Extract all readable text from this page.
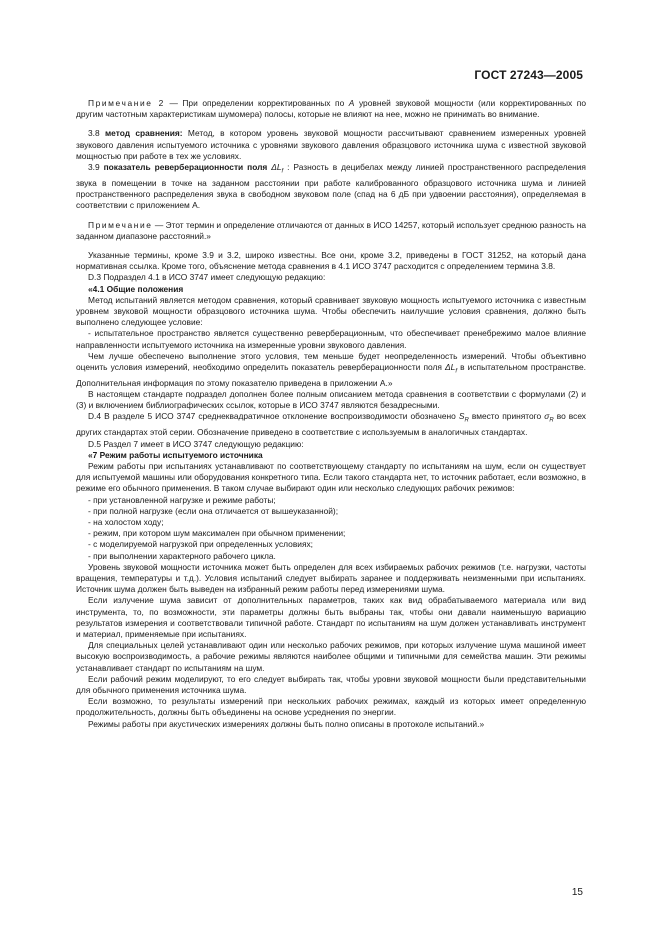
ГОСТ 27243—2005

Примечание 2 — При определении корректированных по А уровней звуковой мощности (или корректированных по другим частотным характеристикам шумомера) полосы, которые не влияют на нее, можно не принимать во внимание.

3.8 метод сравнения: Метод, в котором уровень звуковой мощности рассчитывают сравнением измеренных уровней звукового давления испытуемого источника с уровнями звукового давления образцового источника шума с известной звуковой мощностью при работе в тех же условиях.

3.9 показатель реверберационности поля $\Delta L_f$ : Разность в децибелах между линией пространственного распределения звука в помещении в точке на заданном расстоянии при работе калиброванного образцового источника шума и линией пространственного распределения звука в свободном звуковом поле (спад на 6 дБ при удвоении расстояния), определяемая в соответствии с приложением А.

Примечание — Этот термин и определение отличаются от данных в ИСО 14257, который использует среднюю разность на заданном диапазоне расстояний.»

Указанные термины, кроме 3.9 и 3.2, широко известны. Все они, кроме 3.2, приведены в ГОСТ 31252, на который дана нормативная ссылка. Кроме того, объяснение метода сравнения в 4.1 ИСО 3747 расходится с определением термина 3.8.

D.3 Подраздел 4.1 в ИСО 3747 имеет следующую редакцию:

«4.1 Общие положения

Метод испытаний является методом сравнения, который сравнивает звуковую мощность испытуемого источника с известным уровнем звуковой мощности образцового источника шума. Чтобы обеспечить наилучшие условия сравнения, должно быть выполнено следующее условие:

- испытательное пространство является существенно реверберационным, что обеспечивает пренебрежимо малое влияние направленности испытуемого источника на измеренные уровни звукового давления.

Чем лучше обеспечено выполнение этого условия, тем меньше будет неопределенность измерений. Чтобы объективно оценить условия измерений, необходимо определить показатель реверберационности поля $\Delta L_f$ в испытательном пространстве. Дополнительная информация по этому показателю приведена в приложении А.»

В настоящем стандарте подраздел дополнен более полным описанием метода сравнения в соответствии с формулами (2) и (3) и включением библиографических ссылок, которые в ИСО 3747 являются безадресными.

D.4 В разделе 5 ИСО 3747 среднеквадратичное отклонение воспроизводимости обозначено $S_R$ вместо принятого $\sigma_R$ во всех других стандартах этой серии. Обозначение приведено в соответствие с используемым в аналогичных стандартах.

D.5 Раздел 7 имеет в ИСО 3747 следующую редакцию:

«7 Режим работы испытуемого источника

Режим работы при испытаниях устанавливают по соответствующему стандарту по испытаниям на шум, если он существует для испытуемой машины или оборудования конкретного типа. Если такого стандарта нет, то источник работает, если возможно, в режиме его обычного применения. В таком случае выбирают один или несколько следующих рабочих режимов:

- при установленной нагрузке и режиме работы;

- при полной нагрузке (если она отличается от вышеуказанной);

- на холостом ходу;

- режим, при котором шум максимален при обычном применении;

- с моделируемой нагрузкой при определенных условиях;

- при выполнении характерного рабочего цикла.

Уровень звуковой мощности источника может быть определен для всех избираемых рабочих режимов (т.е. нагрузки, частоты вращения, температуры и т.д.). Условия испытаний следует выбирать заранее и поддерживать неизменными при испытаниях. Источник шума должен быть выведен на избранный режим работы перед измерениями шума.

Если излучение шума зависит от дополнительных параметров, таких как вид обрабатываемого материала или вид инструмента, то, по возможности, эти параметры должны быть выбраны так, чтобы они давали наименьшую вариацию результатов измерения и соответствовали типичной работе. Стандарт по испытаниям на шум должен устанавливать инструмент и материал, применяемые при испытаниях.

Для специальных целей устанавливают один или несколько рабочих режимов, при которых излучение шума машиной имеет высокую воспроизводимость, а рабочие режимы являются наиболее общими и типичными для семейства машин. Эти режимы устанавливает стандарт по испытаниям на шум.

Если рабочий режим моделируют, то его следует выбирать так, чтобы уровни звуковой мощности были представительными для обычного применения источника шума.

Если возможно, то результаты измерений при нескольких рабочих режимах, каждый из которых имеет определенную продолжительность, должны быть объединены на основе усреднения по энергии.

Режимы работы при акустических измерениях должны быть полно описаны в протоколе испытаний.»

15
